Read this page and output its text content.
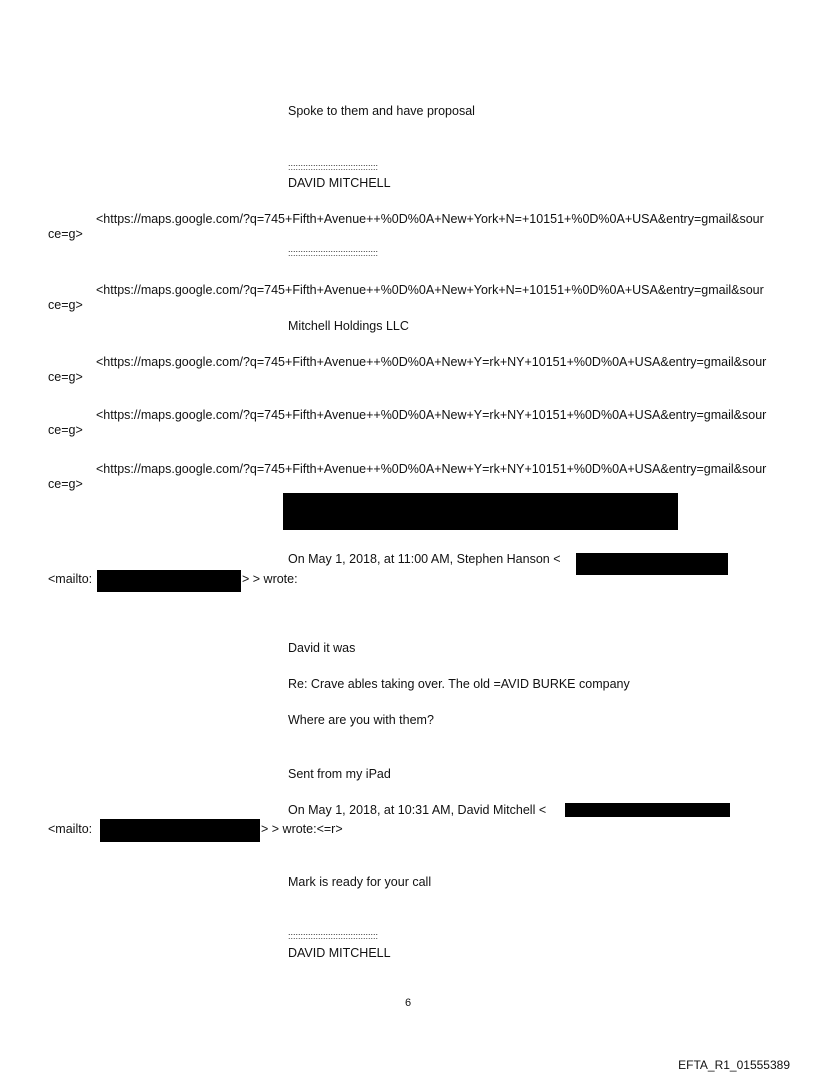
Spoke to them and have proposal
::::::::::::::::::::::::::::::::::::
DAVID MITCHELL
<https://maps.google.com/?q=745+Fifth+Avenue++%0D%0A+New+York+N=+10151+%0D%0A+USA&entry=gmail&source=g>
::::::::::::::::::::::::::::::::::::
<https://maps.google.com/?q=745+Fifth+Avenue++%0D%0A+New+York+N=+10151+%0D%0A+USA&entry=gmail&source=g>
Mitchell Holdings LLC
<https://maps.google.com/?q=745+Fifth+Avenue++%0D%0A+New+Y=rk+NY+10151+%0D%0A+USA&entry=gmail&source=g>
<https://maps.google.com/?q=745+Fifth+Avenue++%0D%0A+New+Y=rk+NY+10151+%0D%0A+USA&entry=gmail&source=g>
<https://maps.google.com/?q=745+Fifth+Avenue++%0D%0A+New+Y=rk+NY+10151+%0D%0A+USA&entry=gmail&source=g>
On May 1, 2018, at 11:00 AM, Stephen Hanson <
<mailto:	> > wrote:
David it was
Re: Crave ables taking over. The old =AVID BURKE company
Where are you with them?
Sent from my iPad
On May 1, 2018, at 10:31 AM, David Mitchell <
<mailto:	> > wrote:<=r>
Mark is ready for your call
::::::::::::::::::::::::::::::::::::
DAVID MITCHELL
6
EFTA_R1_01555389
